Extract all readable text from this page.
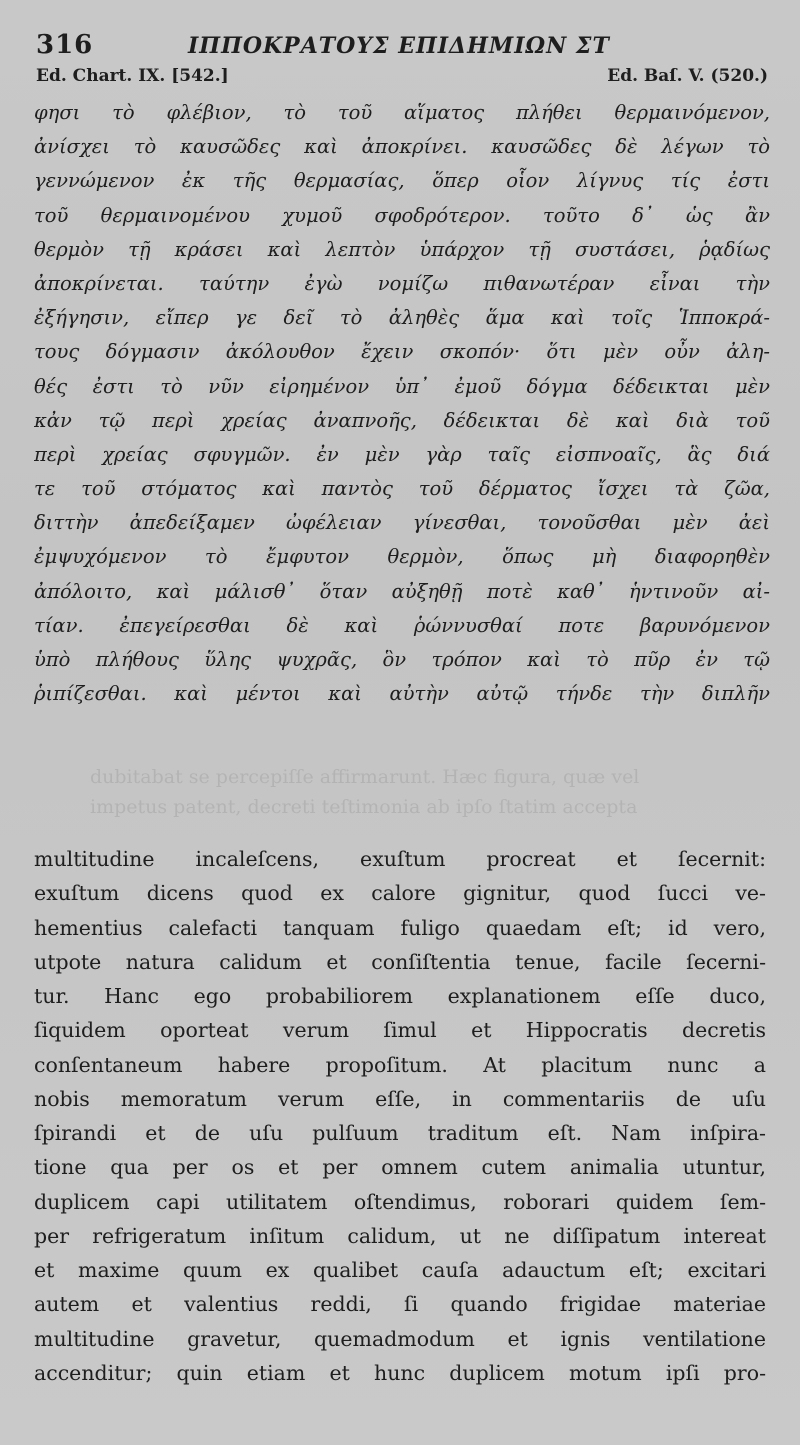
316	ΙΠΠΟΚΡΑΤΟΥΣ ΕΠΙΔΗΜΙΩΝ ΣΤ
Ed. Chart. IX. [542.]	Ed. Baſ. V. (520.)
φησι τὸ φλέβιον, τὸ τοῦ αἵματος πλήθει θερμαινόμενον,
ἀνίσχει τὸ καυσῶδες καὶ ἀποκρίνει. καυσῶδες δὲ λέγων τὸ
γεννώμενον ἐκ τῆς θερμασίας, ὅπερ οἷον λίγνυς τίς ἐστι
τοῦ θερμαινομένου χυμοῦ σφοδρότερον. τοῦτο δ᾽ ὡς ἂν
θερμὸν τῇ κράσει καὶ λεπτὸν ὑπάρχον τῇ συστάσει, ῥᾳδίως
ἀποκρίνεται. ταύτην ἐγὼ νομίζω πιθανωτέραν εἶναι τὴν
ἐξήγησιν, εἴπερ γε δεῖ τὸ ἀληθὲς ἅμα καὶ τοῖς Ἱπποκρά-
τους δόγμασιν ἀκόλουθον ἔχειν σκοπόν· ὅτι μὲν οὖν ἀλη-
θές ἐστι τὸ νῦν εἰρημένον ὑπ᾽ ἐμοῦ δόγμα δέδεικται μὲν
κἀν τῷ περὶ χρείας ἀναπνοῆς, δέδεικται δὲ καὶ διὰ τοῦ
περὶ χρείας σφυγμῶν. ἐν μὲν γὰρ ταῖς εἰσπνοαῖς, ἃς διά
τε τοῦ στόματος καὶ παντὸς τοῦ δέρματος ἴσχει τὰ ζῶα,
διττὴν ἀπεδείξαμεν ὠφέλειαν γίνεσθαι, τονοῦσθαι μὲν ἀεὶ
ἐμψυχόμενον τὸ ἔμφυτον θερμὸν, ὅπως μὴ διαφορηθὲν
ἀπόλοιτο, καὶ μάλισθ᾽ ὅταν αὐξηθῇ ποτὲ καθ᾽ ἡντινοῦν αἰ-
τίαν. ἐπεγείρεσθαι δὲ καὶ ῥώννυσθαί ποτε βαρυνόμενον
ὑπὸ πλήθους ὕλης ψυχρᾶς, ὃν τρόπον καὶ τὸ πῦρ ἐν τῷ
ῥιπίζεσθαι. καὶ μέντοι καὶ αὐτὴν αὐτῷ τήνδε τὴν διπλῆν
dubitabat se percepiſſe affirmarunt. Hæc figura, quæ vel
impetus patent, decreti teſtimonia ab ipſo ſtatim accepta
multitudine incaleſcens, exuſtum procreat et ſecernit:
exuſtum dicens quod ex calore gignitur, quod ſucci ve-
hementius calefacti tanquam fuligo quaedam eſt; id vero,
utpote natura calidum et conſiſtentia tenue, facile ſecerni-
tur. Hanc ego probabiliorem explanationem eſſe duco,
ſiquidem oporteat verum ſimul et Hippocratis decretis
conſentaneum habere propoſitum. At placitum nunc a
nobis memoratum verum eſſe, in commentariis de uſu
ſpirandi et de uſu pulſuum traditum eſt. Nam inſpira-
tione qua per os et per omnem cutem animalia utuntur,
duplicem capi utilitatem oſtendimus, roborari quidem ſem-
per refrigeratum inſitum calidum, ut ne diſſipatum intereat
et maxime quum ex qualibet cauſa adauctum eſt; excitari
autem et valentius reddi, ſi quando frigidae materiae
multitudine gravetur, quemadmodum et ignis ventilatione
accenditur; quin etiam et hunc duplicem motum ipſi pro-
